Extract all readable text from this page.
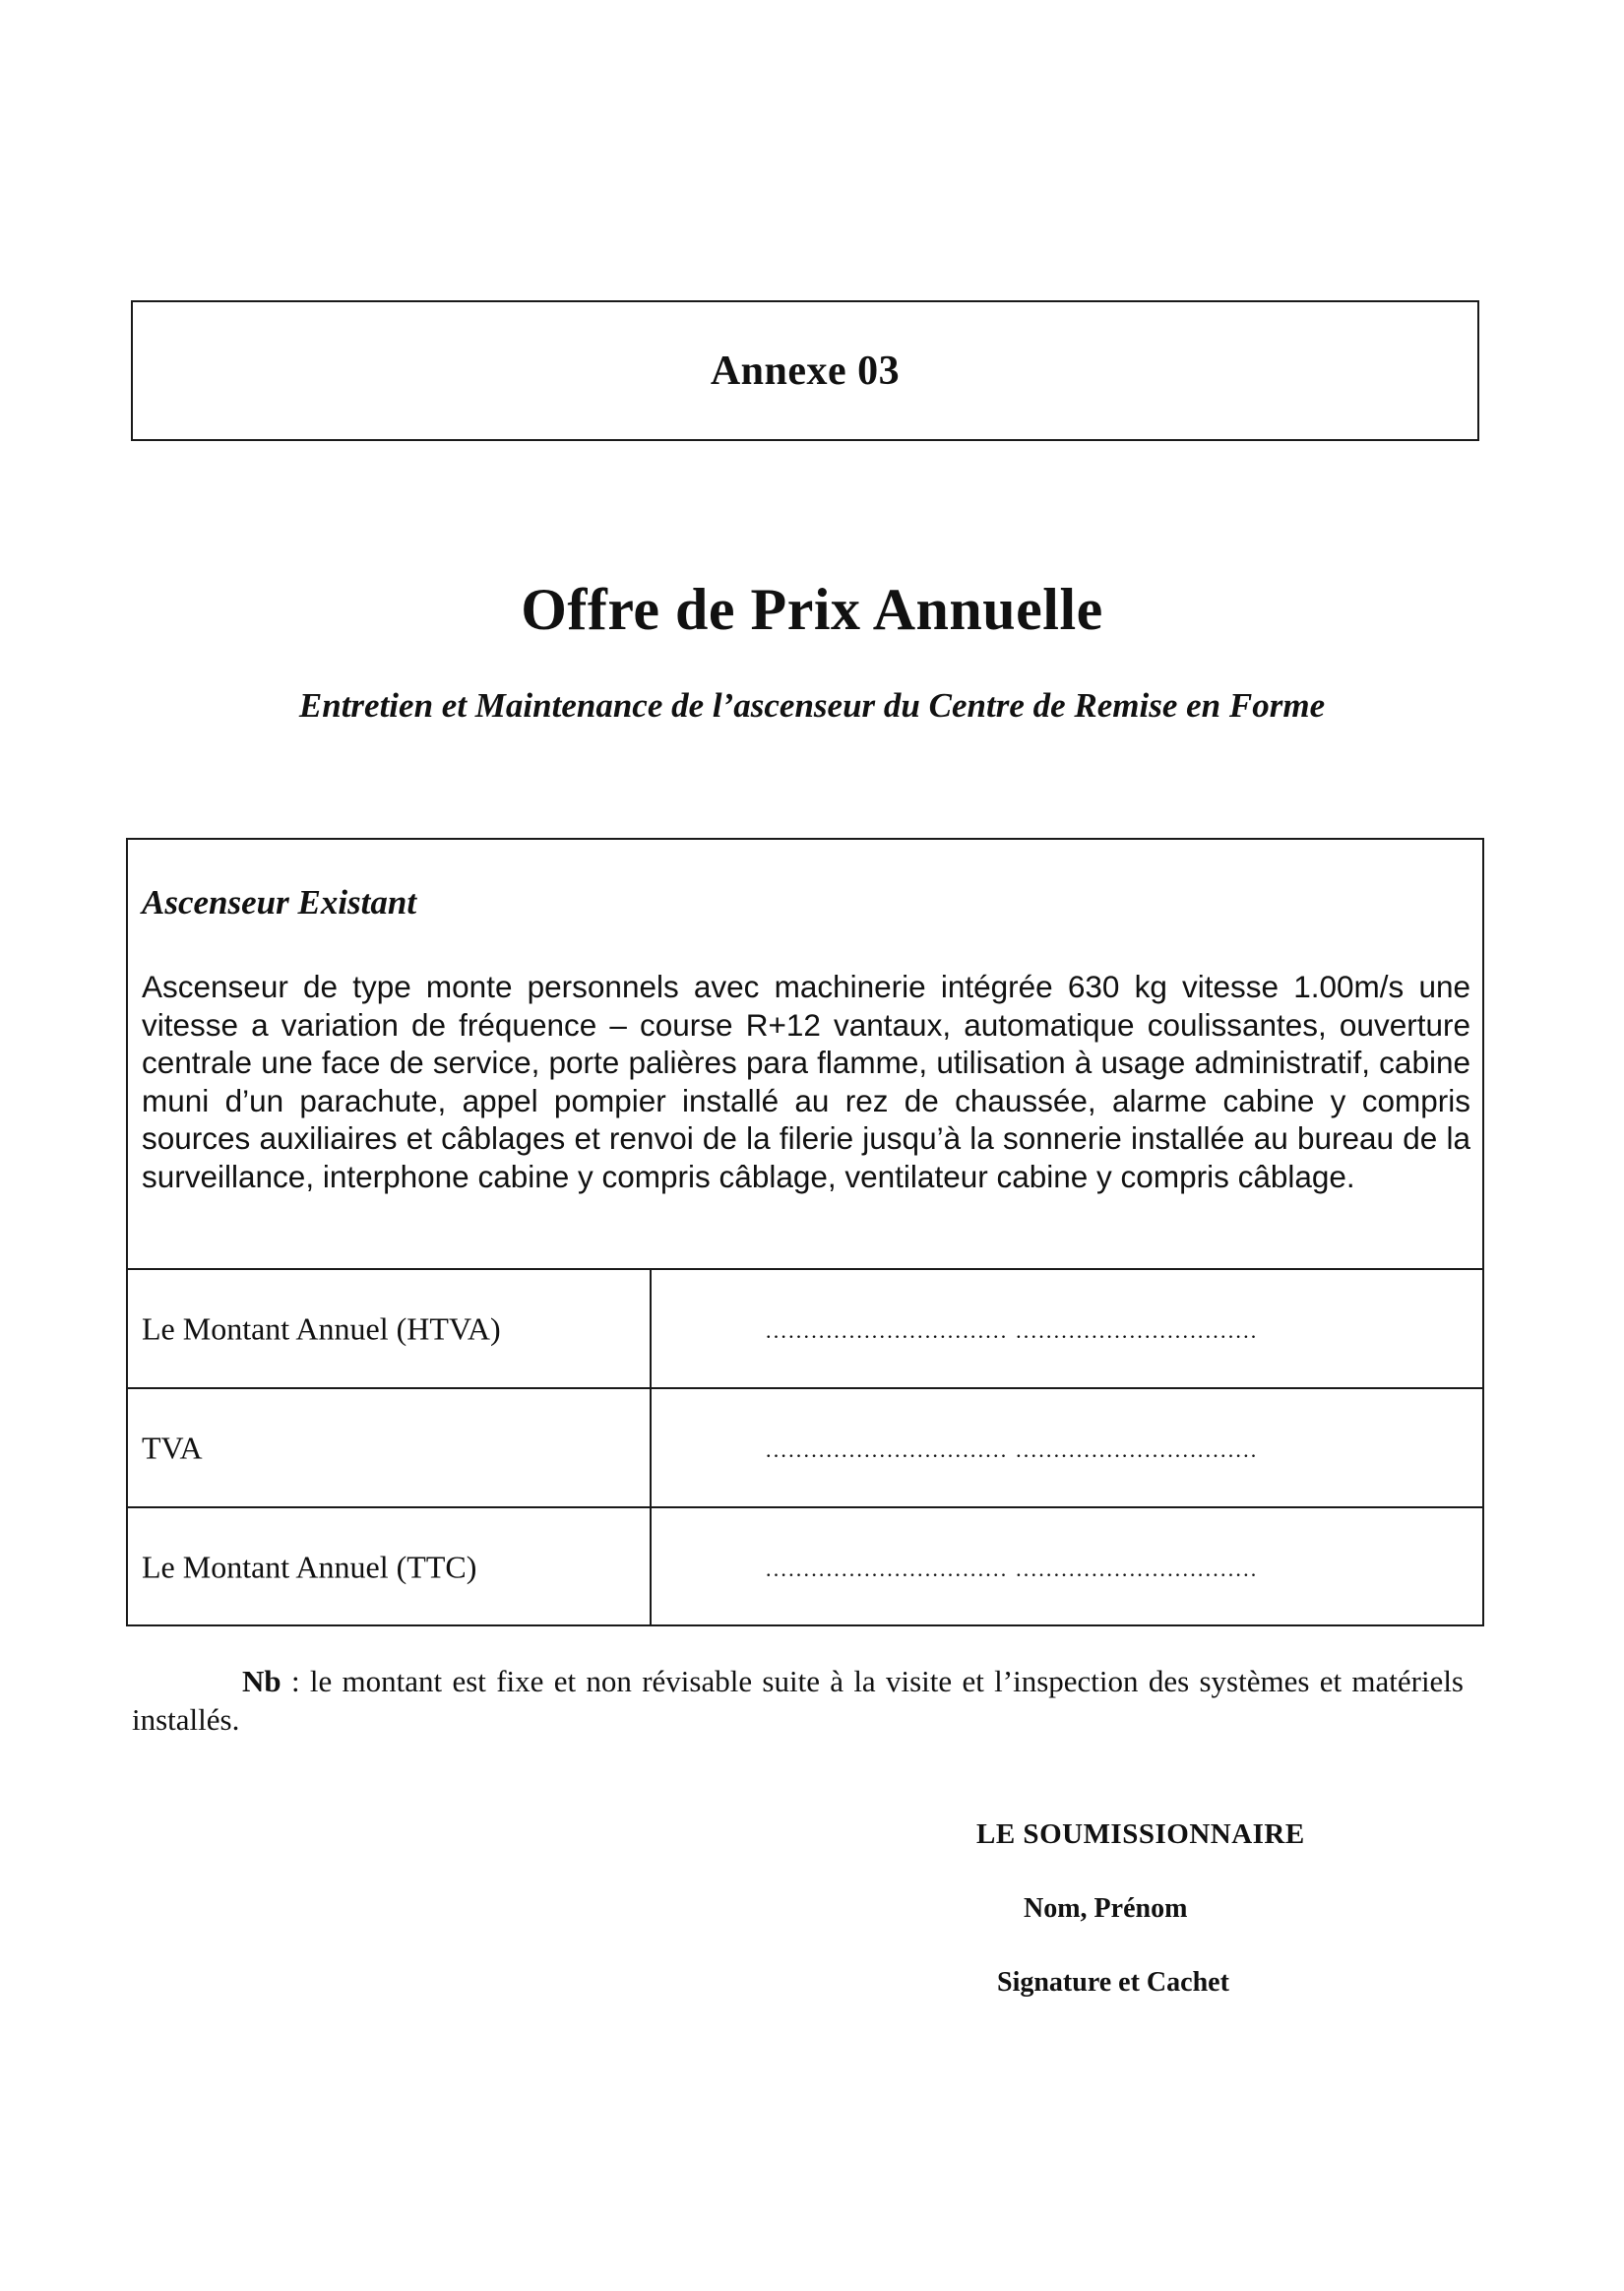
Annexe 03
Offre de Prix Annuelle
Entretien et Maintenance de l’ascenseur du Centre de Remise en Forme
Ascenseur Existant
Ascenseur de type monte personnels avec machinerie intégrée 630 kg vitesse 1.00m/s une vitesse a variation de fréquence – course R+12 vantaux, automatique coulissantes, ouverture centrale une face de service, porte palières para flamme, utilisation à usage administratif, cabine muni d’un parachute, appel pompier installé au rez de chaussée, alarme cabine y compris sources auxiliaires et câblages et renvoi de la filerie jusqu’à la sonnerie installée au bureau de la surveillance, interphone cabine y compris câblage, ventilateur cabine y compris câblage.
Le Montant Annuel (HTVA)	................................ ................................
TVA	................................ ................................
Le Montant Annuel (TTC)	................................ ................................
Nb : le montant est fixe et non révisable suite à la visite et l’inspection des systèmes et matériels installés.
LE SOUMISSIONNAIRE
Nom, Prénom
Signature et Cachet
